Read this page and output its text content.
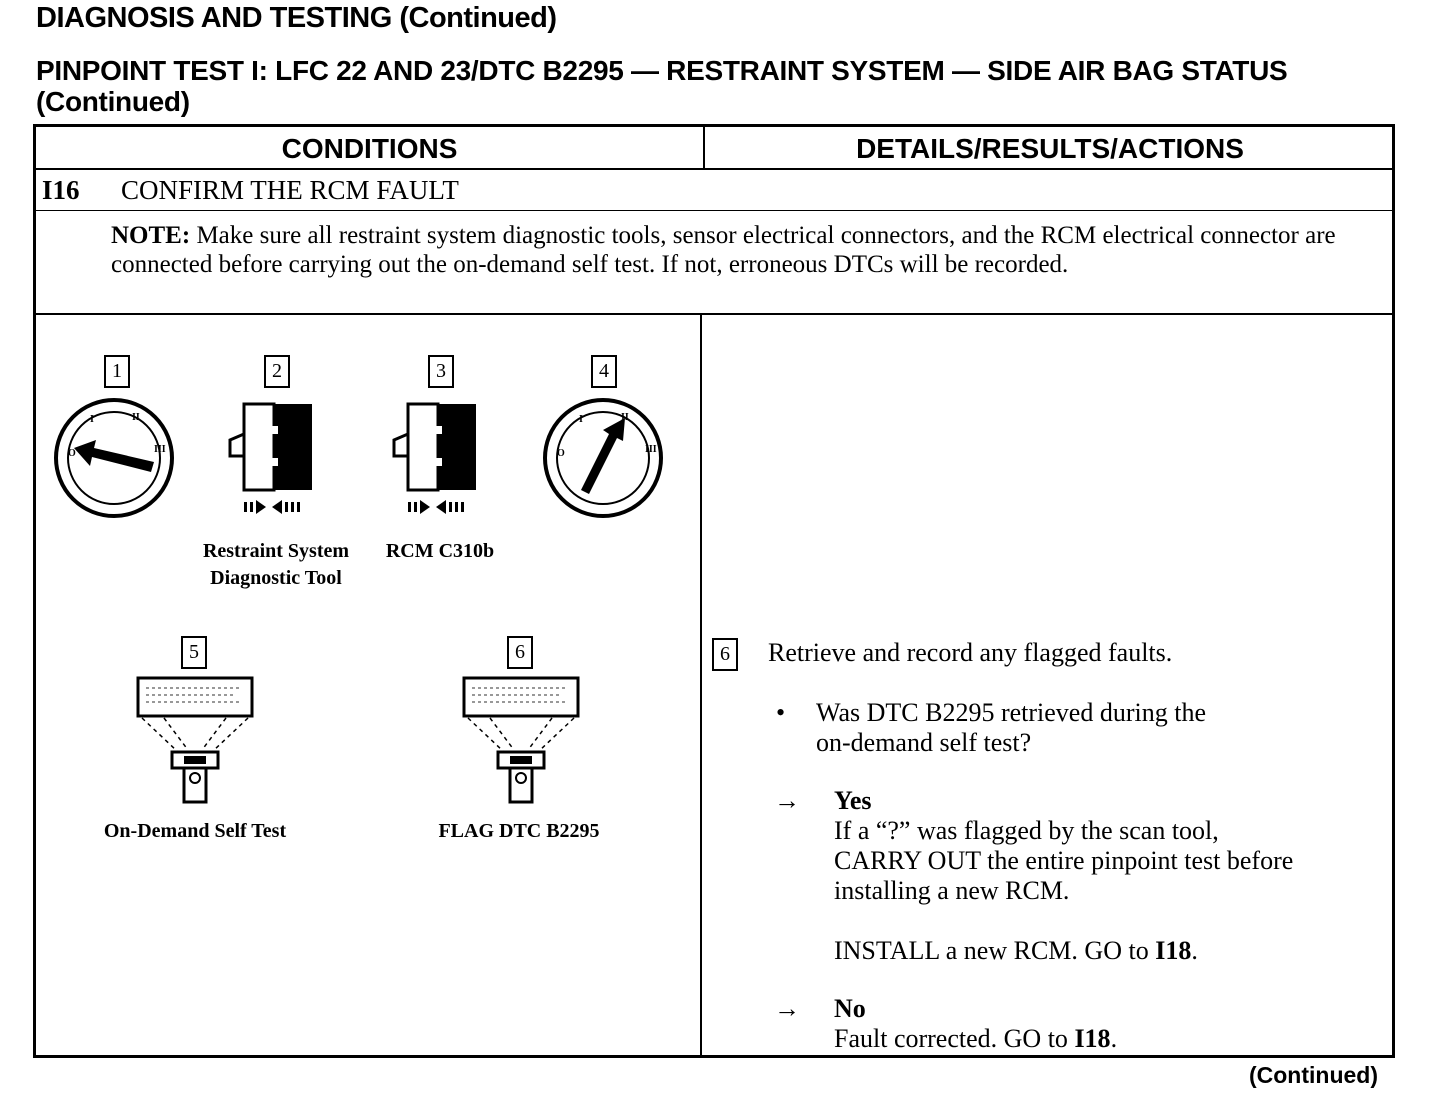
DIAGNOSIS AND TESTING (Continued)
PINPOINT TEST I: LFC 22 AND 23/DTC B2295 — RESTRAINT SYSTEM — SIDE AIR BAG STATUS (Continued)
CONDITIONS	DETAILS/RESULTS/ACTIONS
I16 CONFIRM THE RCM FAULT
NOTE: Make sure all restraint system diagnostic tools, sensor electrical connectors, and the RCM electrical connector are connected before carrying out the on-demand self test. If not, erroneous DTCs will be recorded.
1	2	3	4
O
I	II
III	O
I	II
III
Restraint System
Diagnostic Tool
RCM C310b
5	6
On-Demand Self Test	FLAG DTC B2295
6	Retrieve and record any flagged faults.
• Was DTC B2295 retrieved during the
on-demand self test?
→ Yes
If a “?” was flagged by the scan tool,
CARRY OUT the entire pinpoint test before
installing a new RCM.
INSTALL a new RCM. GO to I18.
→ No
Fault corrected. GO to I18.
(Continued)
